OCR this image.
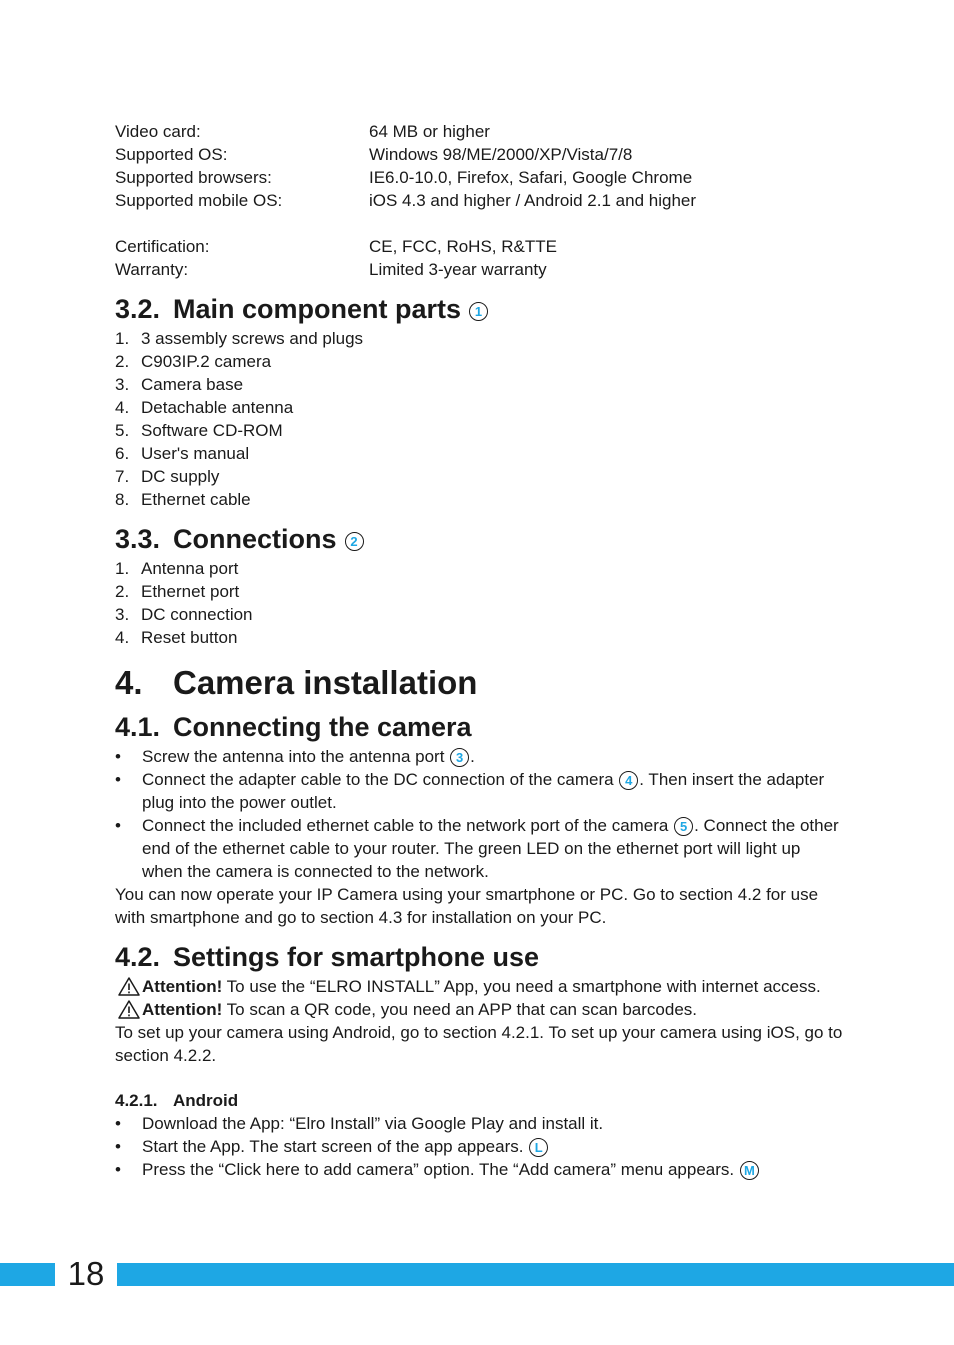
Video card:	64 MB or higher
Supported OS:	Windows 98/ME/2000/XP/Vista/7/8
Supported browsers:	IE6.0-10.0, Firefox, Safari, Google Chrome
Supported mobile OS:	iOS 4.3 and higher / Android 2.1 and higher
Certification:	CE, FCC, RoHS, R&TTE
Warranty:	Limited 3-year warranty
3.2. Main component parts	1
1. 3 assembly screws and plugs
2. C903IP.2 camera
3. Camera base
4. Detachable antenna
5. Software CD-ROM
6. User's manual
7. DC supply
8. Ethernet cable
3.3. Connections	2
1. Antenna port
2. Ethernet port
3. DC connection
4. Reset button
4. Camera installation
4.1. Connecting the camera
•	Screw the antenna into the antenna port 3 .
•	Connect the adapter cable to the DC connection of the camera 4 . Then insert the adapter plug into the power outlet.
•	Connect the included ethernet cable to the network port of the camera 5 . Connect the other end of the ethernet cable to your router. The green LED on the ethernet port will light up when the camera is connected to the network.
You can now operate your IP Camera using your smartphone or PC. Go to section 4.2 for use with smartphone and go to section 4.3 for installation on your PC.
4.2. Settings for smartphone use
Attention! To use the “ELRO INSTALL” App, you need a smartphone with internet access.
Attention! To scan a QR code, you need an APP that can scan barcodes.
To set up your camera using Android, go to section 4.2.1. To set up your camera using iOS, go to section 4.2.2.
4.2.1. Android
•	Download the App: “Elro Install” via Google Play and install it.
•	Start the App. The start screen of the app appears. L
•	Press the “Click here to add camera” option. The “Add camera” menu appears. M
18
